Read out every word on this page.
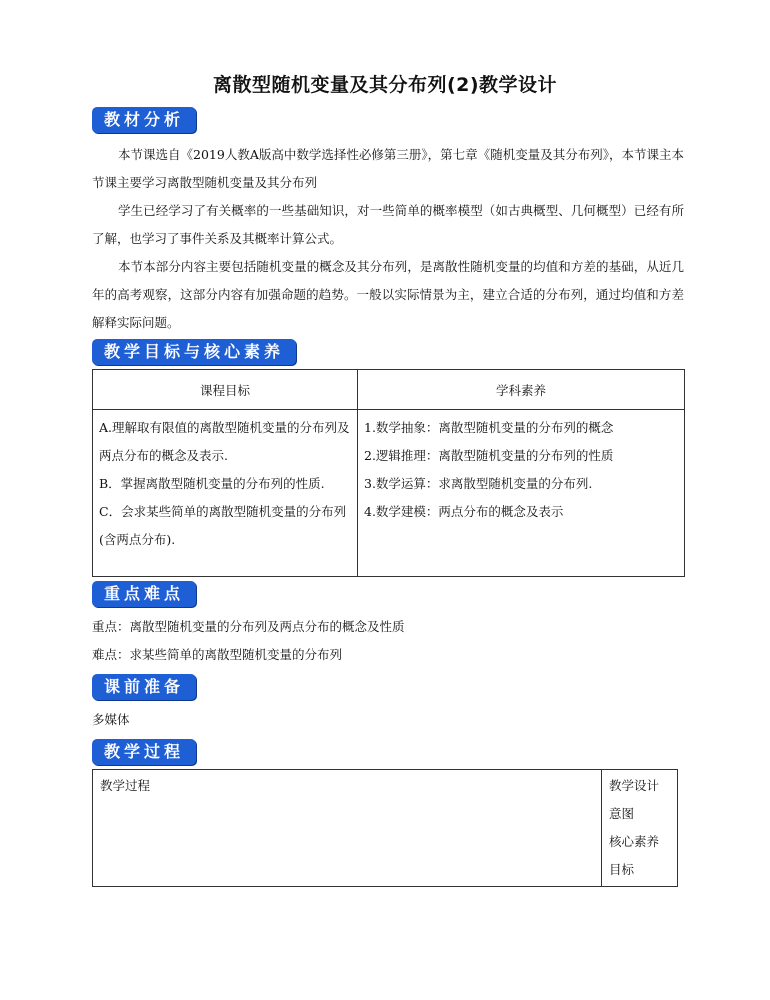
离散型随机变量及其分布列(2)教学设计
教材分析
本节课选自《2019人教A版高中数学选择性必修第三册》，第七章《随机变量及其分布列》，本节课主本节课主要学习离散型随机变量及其分布列
学生已经学习了有关概率的一些基础知识，对一些简单的概率模型（如古典概型、几何概型）已经有所了解，也学习了事件关系及其概率计算公式。
本节本部分内容主要包括随机变量的概念及其分布列，是离散性随机变量的均值和方差的基础，从近几年的高考观察，这部分内容有加强命题的趋势。一般以实际情景为主，建立合适的分布列，通过均值和方差解释实际问题。
教学目标与核心素养
课程目标	学科素养

A.理解取有限值的离散型随机变量的分布列及两点分布的概念及表示.
B．掌握离散型随机变量的分布列的性质.
C．会求某些简单的离散型随机变量的分布列(含两点分布).	1.数学抽象：离散型随机变量的分布列的概念
2.逻辑推理：离散型随机变量的分布列的性质
3.数学运算：求离散型随机变量的分布列.
4.数学建模：两点分布的概念及表示
重点难点
重点：离散型随机变量的分布列及两点分布的概念及性质
难点：求某些简单的离散型随机变量的分布列
课前准备
多媒体
教学过程
教学过程	教学设计意图
核心素养目标
